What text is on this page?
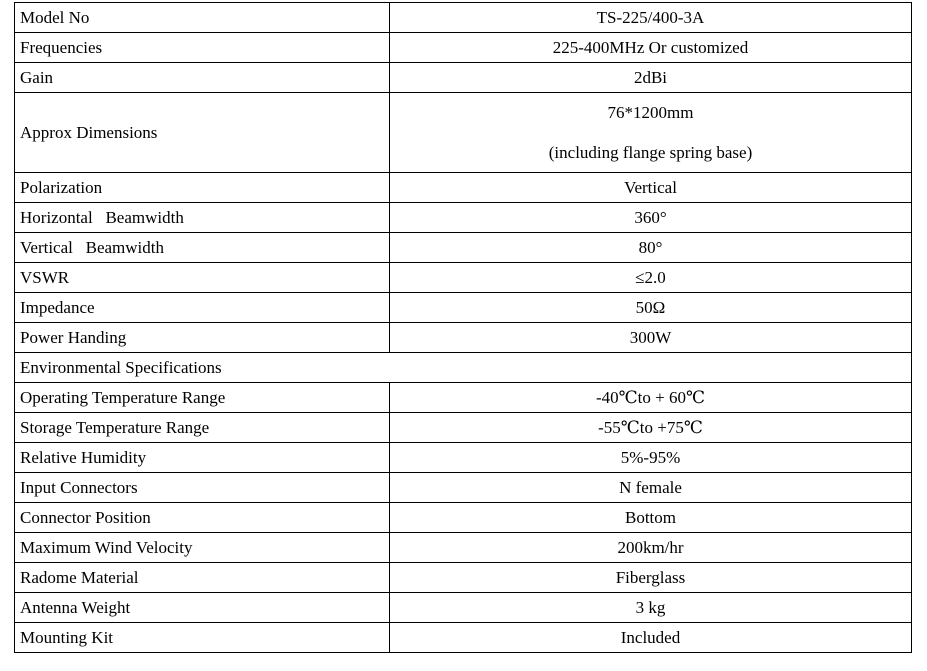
Model No	TS-225/400-3A
Frequencies	225-400MHz Or customized
Gain	2dBi
Approx Dimensions	76*1200mm
(including flange spring base)

Polarization	Vertical
Horizontal   Beamwidth	360°
Vertical   Beamwidth	80°
VSWR	≤2.0
Impedance	50Ω
Power Handing	300W
Environmental Specifications	
Operating Temperature Range	-40℃to + 60℃
Storage Temperature Range	-55℃to +75℃
Relative Humidity	5%-95%
Input Connectors	N female
Connector Position	Bottom
Maximum Wind Velocity	200km/hr
Radome Material	Fiberglass
Antenna Weight	3 kg
Mounting Kit	Included
